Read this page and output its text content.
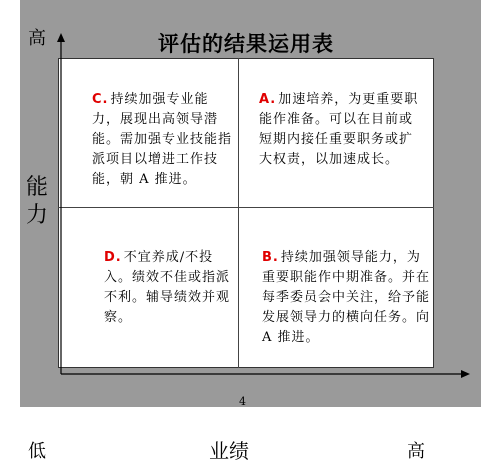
评估的结果运用表
高
能力
C. 持续加强专业能力，展现出高领导潜能。需加强专业技能指派项目以增进工作技能，朝 A 推进。
A. 加速培养，为更重要职能作准备。可以在目前或短期内接任重要职务或扩大权责，以加速成长。
D. 不宜养成/不投入。绩效不佳或指派不利。辅导绩效并观察。
B. 持续加强领导能力，为重要职能作中期准备。并在每季委员会中关注，给予能发展领导力的横向任务。向 A 推进。
4
低	业绩	高
